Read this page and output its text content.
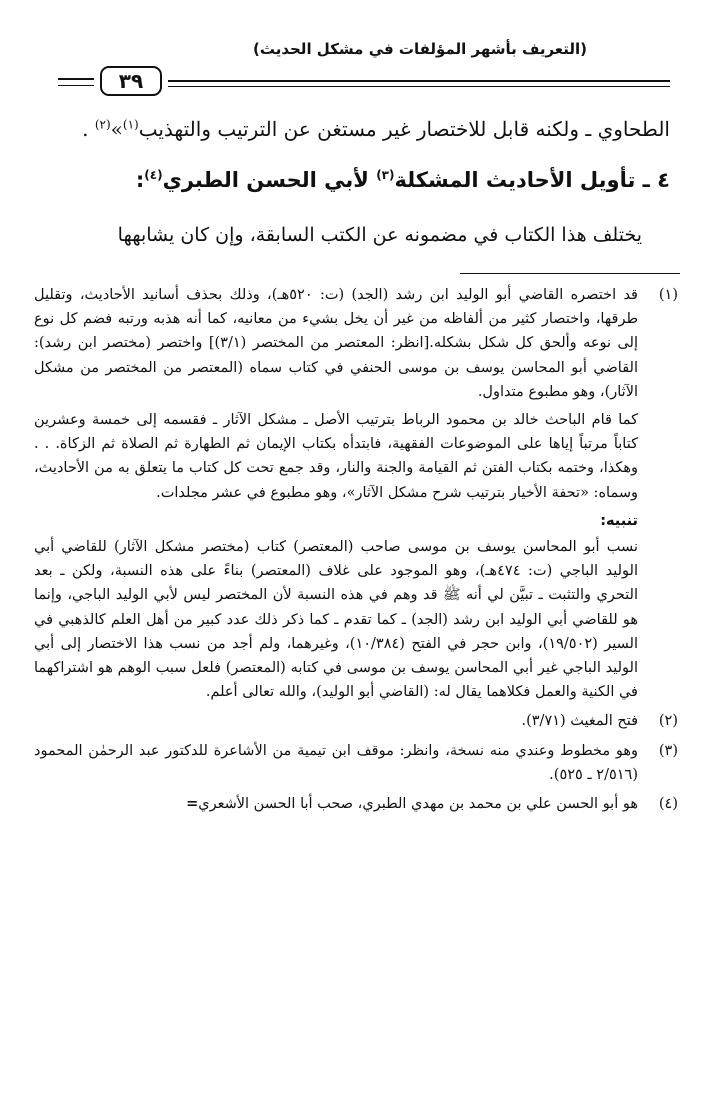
(التعريف بأشهر المؤلفات في مشكل الحديث)
٣٩
الطحاوي ـ ولكنه قابل للاختصار غير مستغن عن الترتيب والتهذيب$^{(١)}$»$^{(٢)}$ .
٤ ـ تأويل الأحاديث المشكلة$^{(٣)}$ لأبي الحسن الطبري$^{(٤)}$:
يختلف هذا الكتاب في مضمونه عن الكتب السابقة، وإن كان يشابهها
(١)

قد اختصره القاضي أبو الوليد ابن رشد (الجد) (ت: ٥٢٠هـ)، وذلك بحذف أسانيد الأحاديث، وتقليل طرقها، واختصار كثير من ألفاظه من غير أن يخل بشيء من معانيه، كما أنه هذبه ورتبه فضم كل نوع إلى نوعه وألحق كل شكل بشكله.[انظر: المعتصر من المختصر (٣/١)] واختصر (مختصر ابن رشد): القاضي أبو المحاسن يوسف بن موسى الحنفي في كتاب سماه (المعتصر من المختصر من مشكل الآثار)، وهو مطبوع متداول.

كما قام الباحث خالد بن محمود الرباط بترتيب الأصل ـ مشكل الآثار ـ فقسمه إلى خمسة وعشرين كتاباً مرتباً إياها على الموضوعات الفقهية، فابتدأه بكتاب الإيمان ثم الطهارة ثم الصلاة ثم الزكاة. . . وهكذا، وختمه بكتاب الفتن ثم القيامة والجنة والنار، وقد جمع تحت كل كتاب ما يتعلق به من الأحاديث، وسماه: «تحفة الأخيار بترتيب شرح مشكل الآثار»، وهو مطبوع في عشر مجلدات.

تنبيه:

نسب أبو المحاسن يوسف بن موسى صاحب (المعتصر) كتاب (مختصر مشكل الآثار) للقاضي أبي الوليد الباجي (ت: ٤٧٤هـ)، وهو الموجود على غلاف (المعتصر) بناءً على هذه النسبة، ولكن ـ بعد التحري والتثبت ـ تبيَّن لي أنه ﷺ قد وهم في هذه النسبة لأن المختصر ليس لأبي الوليد الباجي، وإنما هو للقاضي أبي الوليد ابن رشد (الجد) ـ كما تقدم ـ كما ذكر ذلك عدد كبير من أهل العلم كالذهبي في السير (١٩/٥٠٢)، وابن حجر في الفتح (١٠/٣٨٤)، وغيرهما، ولم أجد من نسب هذا الاختصار إلى أبي الوليد الباجي غير أبي المحاسن يوسف بن موسى في كتابه (المعتصر) فلعل سبب الوهم هو اشتراكهما في الكنية والعمل فكلاهما يقال له: (القاضي أبو الوليد)، والله تعالى أعلم.

(٢)

فتح المغيث (٣/٧١).

(٣)

وهو مخطوط وعندي منه نسخة، وانظر: موقف ابن تيمية من الأشاعرة للدكتور عبد الرحمٰن المحمود (٢/٥١٦ ـ ٥٢٥).

(٤)

هو أبو الحسن علي بن محمد بن مهدي الطبري، صحب أبا الحسن الأشعري=
